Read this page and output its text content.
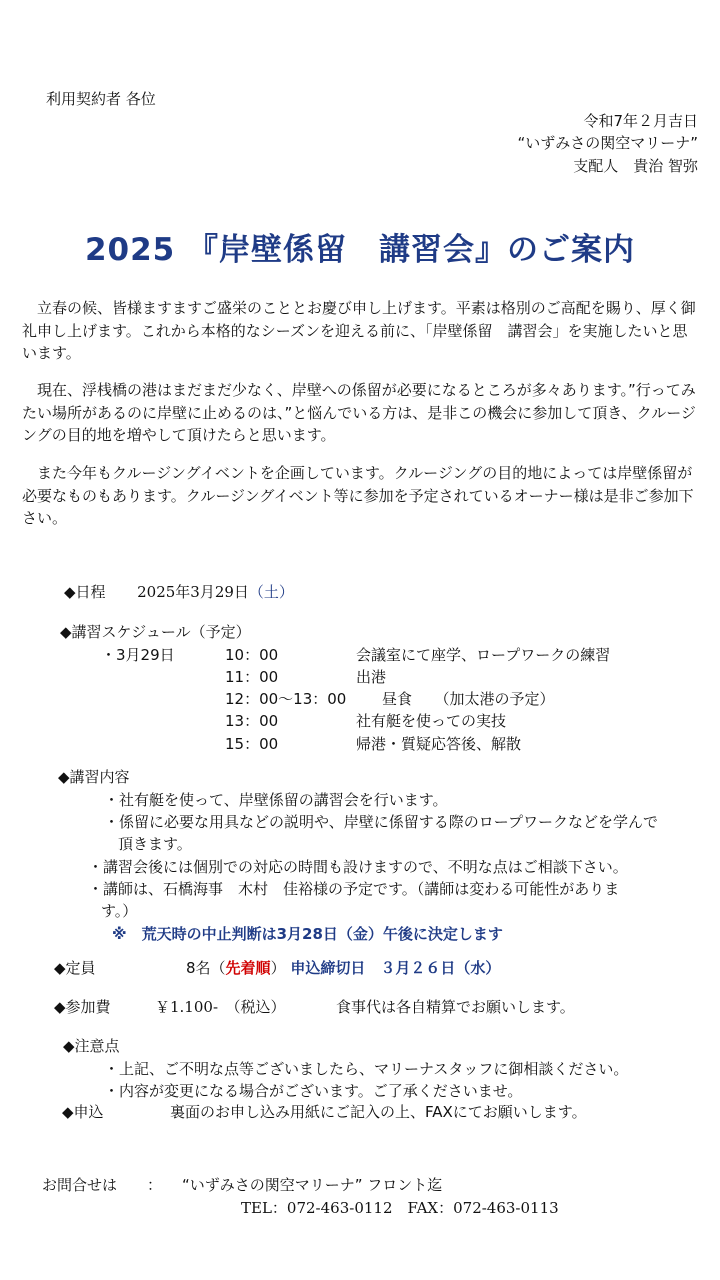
利用契約者 各位
令和7年２月吉日
“いずみさの関空マリーナ”
支配人　貴治 智弥
2025 『岸壁係留　講習会』のご案内
　立春の候、皆様ますますご盛栄のこととお慶び申し上げます。平素は格別のご高配を賜り、厚く御礼申し上げます。これから本格的なシーズンを迎える前に、「岸壁係留　講習会」を実施したいと思います。
　現在、浮桟橋の港はまだまだ少なく、岸壁への係留が必要になるところが多々あります。”行ってみたい場所があるのに岸壁に止めるのは、”と悩んでいる方は、是非この機会に参加して頂き、クルージングの目的地を増やして頂けたらと思います。
　また今年もクルージングイベントを企画しています。クルージングの目的地によっては岸壁係留が必要なものもあります。クルージングイベント等に参加を予定されているオーナー様は是非ご参加下さい。
◆日程 2025年3月29日（土）
◆講習スケジュール（予定）
・3月29日	10：00	会議室にて座学、ロープワークの練習
11：00	出港
12：00～13：00 昼食　　（加太港の予定）
13：00	社有艇を使っての実技
15：00	帰港・質疑応答後、解散
◆講習内容
・社有艇を使って、岸壁係留の講習会を行います。
・係留に必要な用具などの説明や、岸壁に係留する際のロープワークなどを学んで
頂きます。
・講習会後には個別での対応の時間も設けますので、不明な点はご相談下さい。
・講師は、石橋海事　木村　佳裕様の予定です。（講師は変わる可能性がありま
す。）
※　荒天時の中止判断は3月28日（金）午後に決定します
◆定員	8名（先着順） 申込締切日　３月２６日（水）
◆参加費	￥1.100-　（税込）	食事代は各自精算でお願いします。
◆注意点
・上記、ご不明な点等ございましたら、マリーナスタッフに御相談ください。
・内容が変更になる場合がございます。ご了承くださいませ。
◆申込	裏面のお申し込み用紙にご記入の上、FAXにてお願いします。
お問合せは　　： “いずみさの関空マリーナ” フロント迄
TEL：072-463-0112　FAX：072-463-0113
